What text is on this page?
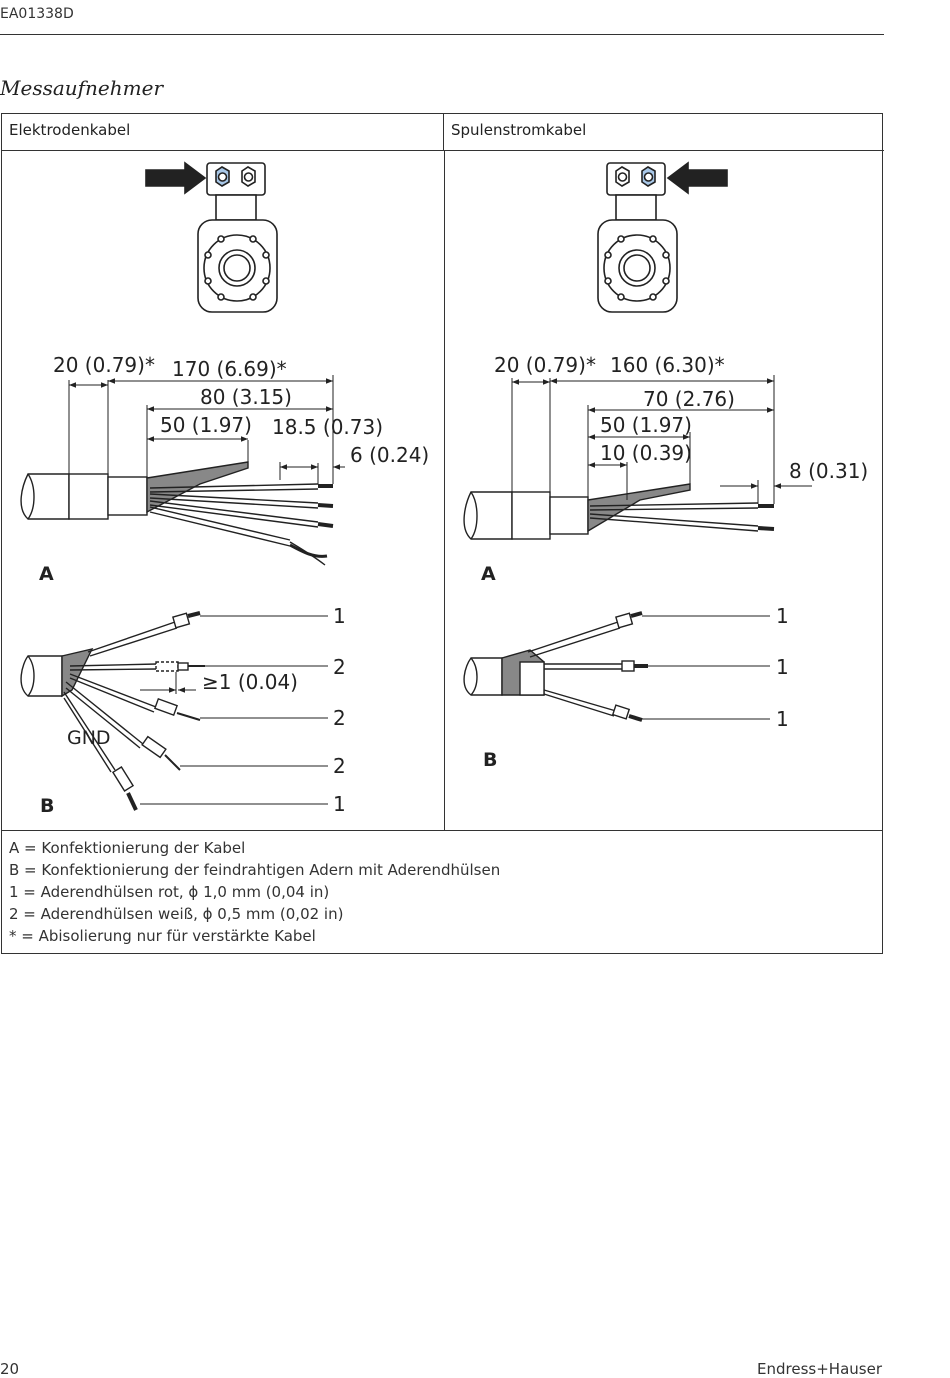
EA01338D
Messaufnehmer
Elektrodenkabel	Spulenstromkabel
A = Konfektionierung der Kabel
B = Konfektionierung der feindrahtigen Adern mit Aderendhülsen
1 = Aderendhülsen rot, ϕ 1,0 mm (0,04 in)
2 = Aderendhülsen weiß, ϕ 0,5 mm (0,02 in)
* = Abisolierung nur für verstärkte Kabel
20 (0.79)* 170 (6.69)*
80 (3.15)
50 (1.97) 18.5 (0.73)
6 (0.24)
20 (0.79)* 160 (6.30)*
70 (2.76)
50 (1.97)
10 (0.39)
8 (0.31)
≥1 (0.04)
GND
1
2
2
2
1
1
1
1
A
B
A
B
20	Endress+Hauser
